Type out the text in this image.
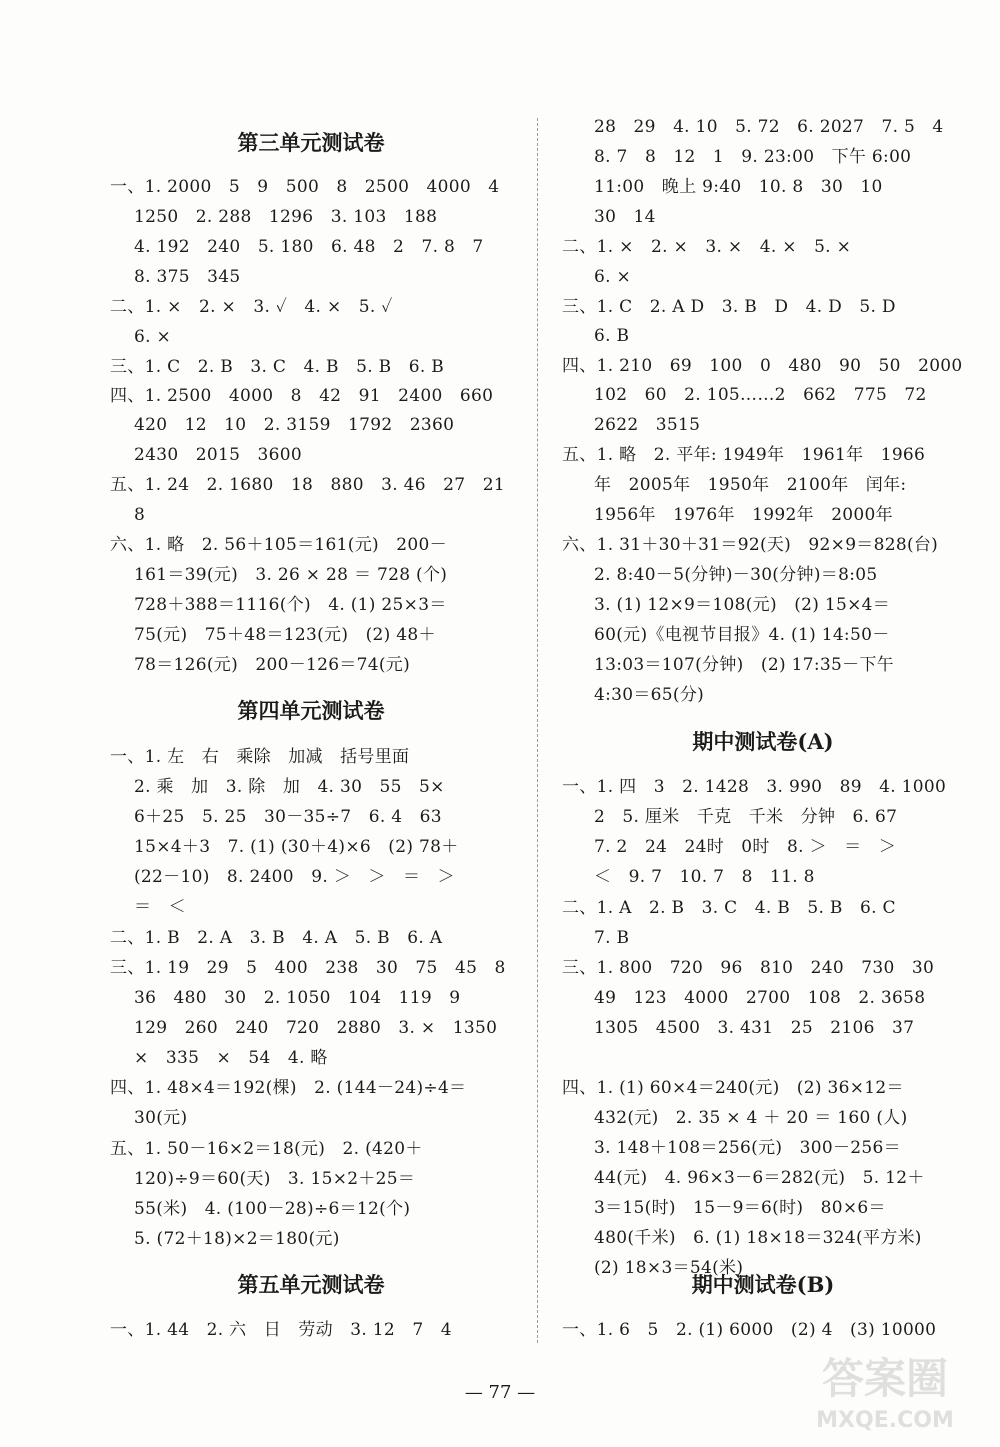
第三单元测试卷
一、1. 2000　5　9　500　8　2500　4000　4
1250　2. 288　1296　3. 103　188
4. 192　240　5. 180　6. 48　2　7. 8　7
8. 375　345
二、1. ×　2. ×　3. ✓　4. ×　5. ✓
6. ×
三、1. C　2. B　3. C　4. B　5. B　6. B
四、1. 2500　4000　8　42　91　2400　660
420　12　10　2. 3159　1792　2360
2430　2015　3600
五、1. 24　2. 1680　18　880　3. 46　27　21
8
六、1. 略　2. 56＋105＝161(元)　200－
161＝39(元)　3. 26 × 28 ＝ 728 (个)
728＋388＝1116(个)　4. (1) 25×3＝
75(元)　75＋48＝123(元)　(2) 48＋
78＝126(元)　200－126＝74(元)
第四单元测试卷
一、1. 左　右　乘除　加减　括号里面
2. 乘　加　3. 除　加　4. 30　55　5×
6＋25　5. 25　30－35÷7　6. 4　63
15×4＋3　7. (1) (30＋4)×6　(2) 78＋
(22－10)　8. 2400　9. ＞　＞　＝　＞
＝　＜
二、1. B　2. A　3. B　4. A　5. B　6. A
三、1. 19　29　5　400　238　30　75　45　8
36　480　30　2. 1050　104　119　9
129　260　240　720　2880　3. ×　1350
×　335　×　54　4. 略
四、1. 48×4＝192(棵)　2. (144－24)÷4＝
30(元)
五、1. 50－16×2＝18(元)　2. (420＋
120)÷9＝60(天)　3. 15×2＋25＝
55(米)　4. (100－28)÷6＝12(个)
5. (72＋18)×2＝180(元)
第五单元测试卷
一、1. 44　2. 六　日　劳动　3. 12　7　4
28　29　4. 10　5. 72　6. 2027　7. 5　4
8. 7　8　12　1　9. 23:00　下午 6:00
11:00　晚上 9:40　10. 8　30　10
30　14
二、1. ×　2. ×　3. ×　4. ×　5. ×
6. ×
三、1. C　2. A D　3. B　D　4. D　5. D
6. B
四、1. 210　69　100　0　480　90　50　2000
102　60　2. 105……2　662　775　72
2622　3515
五、1. 略　2. 平年: 1949年　1961年　1966
年　2005年　1950年　2100年　闰年:
1956年　1976年　1992年　2000年
六、1. 31＋30＋31＝92(天)　92×9＝828(台)
2. 8:40－5(分钟)－30(分钟)＝8:05
3. (1) 12×9＝108(元)　(2) 15×4＝
60(元)《电视节目报》4. (1) 14:50－
13:03＝107(分钟)　(2) 17:35－下午
4:30＝65(分)
期中测试卷(A)
一、1. 四　3　2. 1428　3. 990　89　4. 1000
2　5. 厘米　千克　千米　分钟　6. 67
7. 2　24　24时　0时　8. ＞　＝　＞
＜　9. 7　10. 7　8　11. 8
二、1. A　2. B　3. C　4. B　5. B　6. C
7. B
三、1. 800　720　96　810　240　730　30
49　123　4000　2700　108　2. 3658
1305　4500　3. 431　25　2106　37
四、1. (1) 60×4＝240(元)　(2) 36×12＝
432(元)　2. 35 × 4 ＋ 20 ＝ 160 (人)
3. 148＋108＝256(元)　300－256＝
44(元)　4. 96×3－6＝282(元)　5. 12＋
3＝15(时)　15－9＝6(时)　80×6＝
480(千米)　6. (1) 18×18＝324(平方米)
(2) 18×3＝54(米)
期中测试卷(B)
一、1. 6　5　2. (1) 6000　(2) 4　(3) 10000
— 77 —	答案圈
MXQE.COM
